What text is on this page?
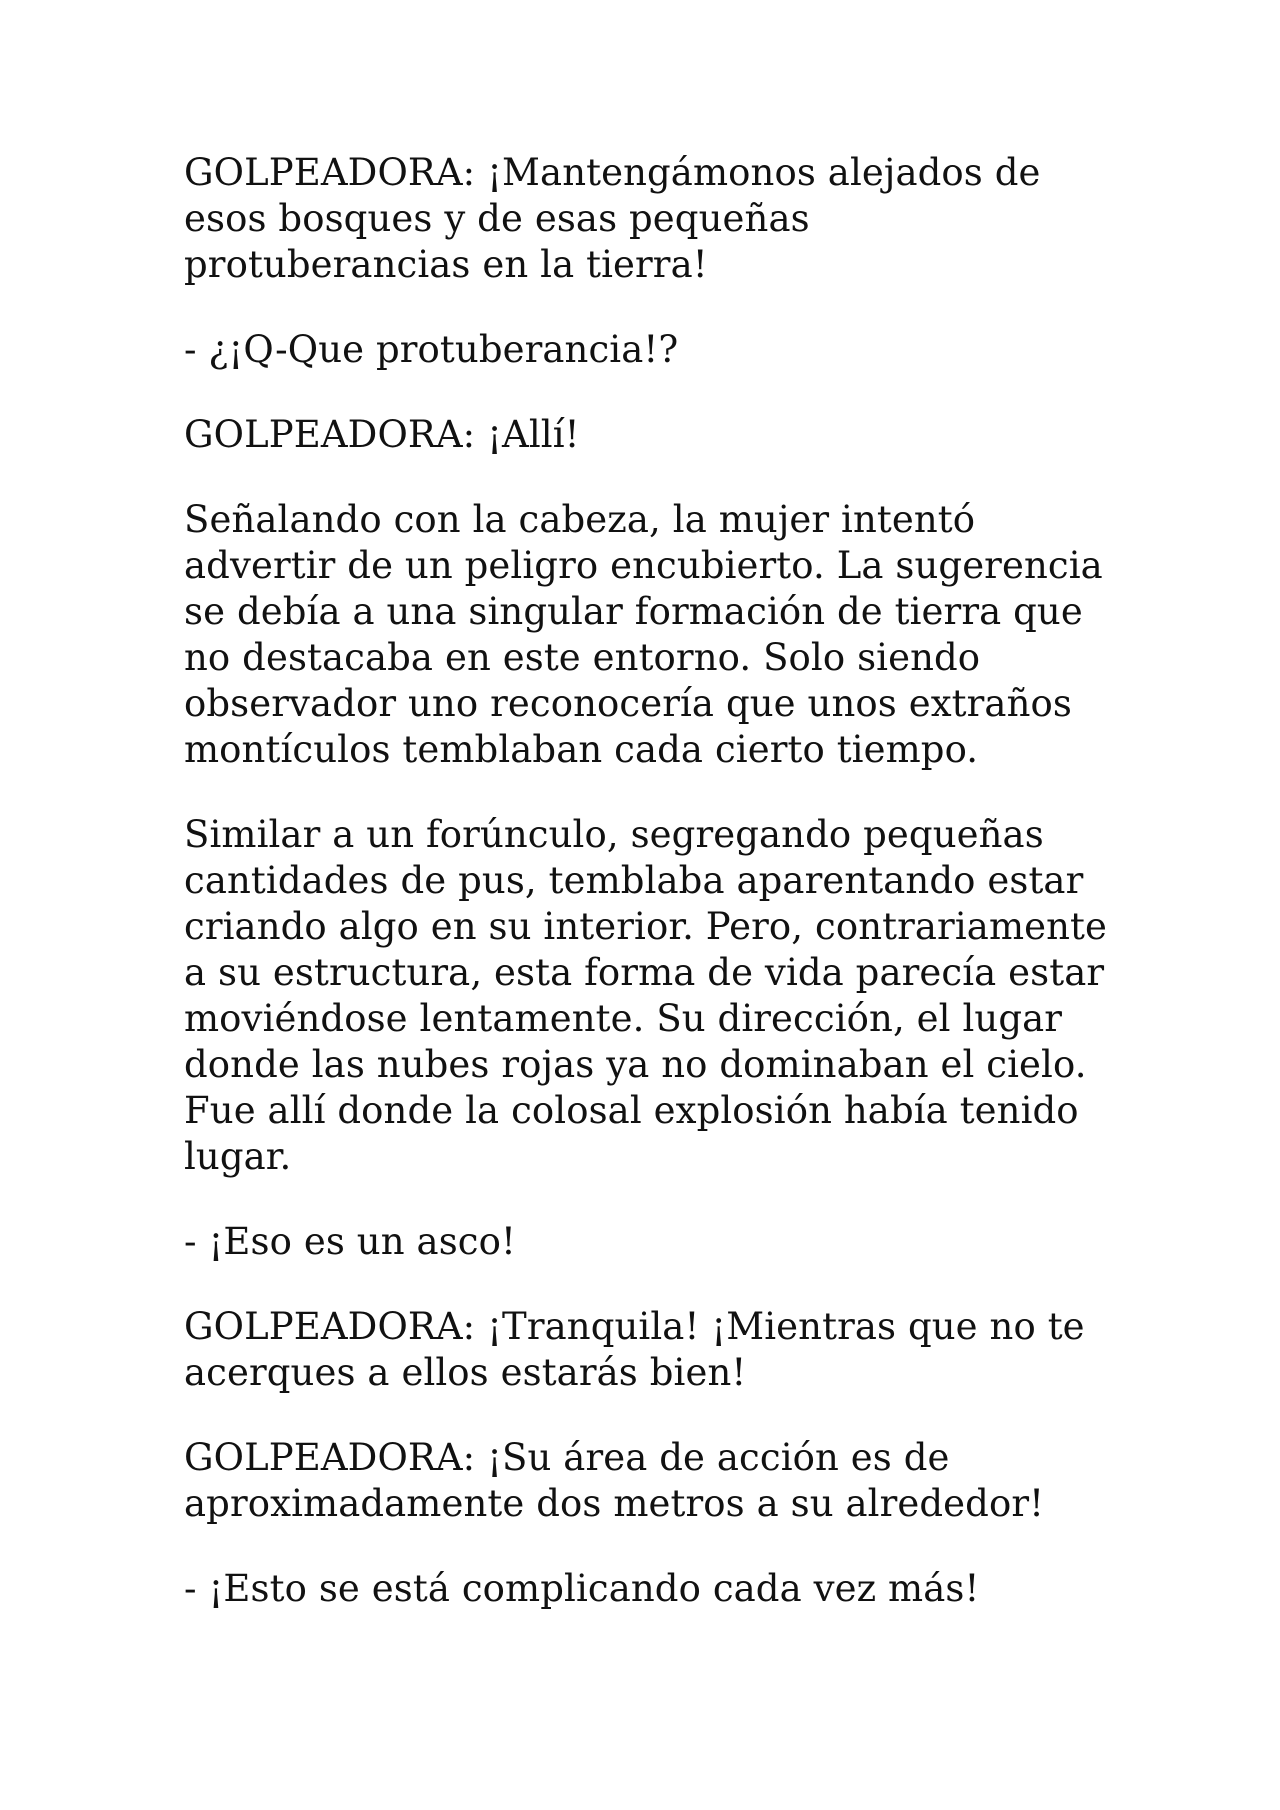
GOLPEADORA: ¡Mantengámonos alejados de
esos bosques y de esas pequeñas
protuberancias en la tierra!

- ¿¡Q-Que protuberancia!?

GOLPEADORA: ¡Allí!

Señalando con la cabeza, la mujer intentó
advertir de un peligro encubierto. La sugerencia
se debía a una singular formación de tierra que
no destacaba en este entorno. Solo siendo
observador uno reconocería que unos extraños
montículos temblaban cada cierto tiempo.

Similar a un forúnculo, segregando pequeñas
cantidades de pus, temblaba aparentando estar
criando algo en su interior. Pero, contrariamente
a su estructura, esta forma de vida parecía estar
moviéndose lentamente. Su dirección, el lugar
donde las nubes rojas ya no dominaban el cielo.
Fue allí donde la colosal explosión había tenido
lugar.

- ¡Eso es un asco!

GOLPEADORA: ¡Tranquila! ¡Mientras que no te
acerques a ellos estarás bien!

GOLPEADORA: ¡Su área de acción es de
aproximadamente dos metros a su alrededor!

- ¡Esto se está complicando cada vez más!
